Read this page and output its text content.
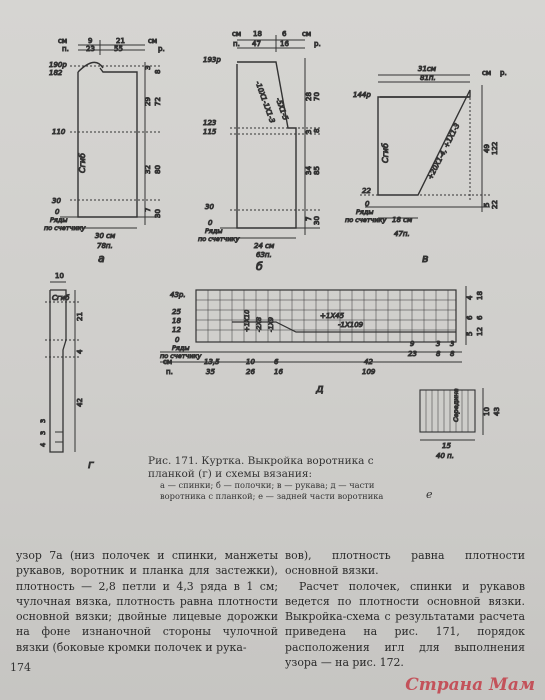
см
п.
9	21
23	55
190р
182
110
30
0
Ряды
по счетчику
Сгиб
3
29
32
7
8
72
80
30
см
р.
30 см
78п.
а
см
п.
18	6
47	16
193р
123
115
30
0
Ряды
по счетчику
-10Х1-1Х1-3
-5Х1-5
28
3
34
7
70
8
85
30
см
р.
24 см
63п.
б
31см
81п.
144р
22
0
Ряды
по счетчику
Сгиб	+20Х1-4, +1Х1-3
см р.
49
5
122
22
18 см
47п.
в
10
Сгиб
21
4
42
3
3
4
г
43р.
25
18
12
0
Ряды
по счетчику
+1Х45
-1Х109
+1Х10 -2Х8 -1Х9
4
6
5
18
6
12
см
п.
13,5	10	6	42
9	3 3
35	26	16	109
23	8 8
д	Середина	10 43
15
40 п.
Рис. 171. Куртка. Выкройка воротника с планкой (г) и схемы вязания:
а — спинки; б — полочки; в — рукава; д — части воротника с планкой; е — задней части воротника	е

узор 7а (низ полочек и спинки, манжеты рукавов, воротник и планка для застежки), плотность — 2,8 петли и 4,3 ряда в 1 см; чулочная вязка, плотность равна плотности основной вязки; двойные лицевые дорожки на фоне изнаночной стороны чулочной вязки (боковые кромки полочек и рука-

вов), плотность равна плотности основной вязки.

Расчет полочек, спинки и рукавов ведется по плотности основной вязки. Выкройка-схема с результатами расчета приведена на рис. 171, порядок расположения игл для выполнения узора — на рис. 172.

174
Страна Мам
